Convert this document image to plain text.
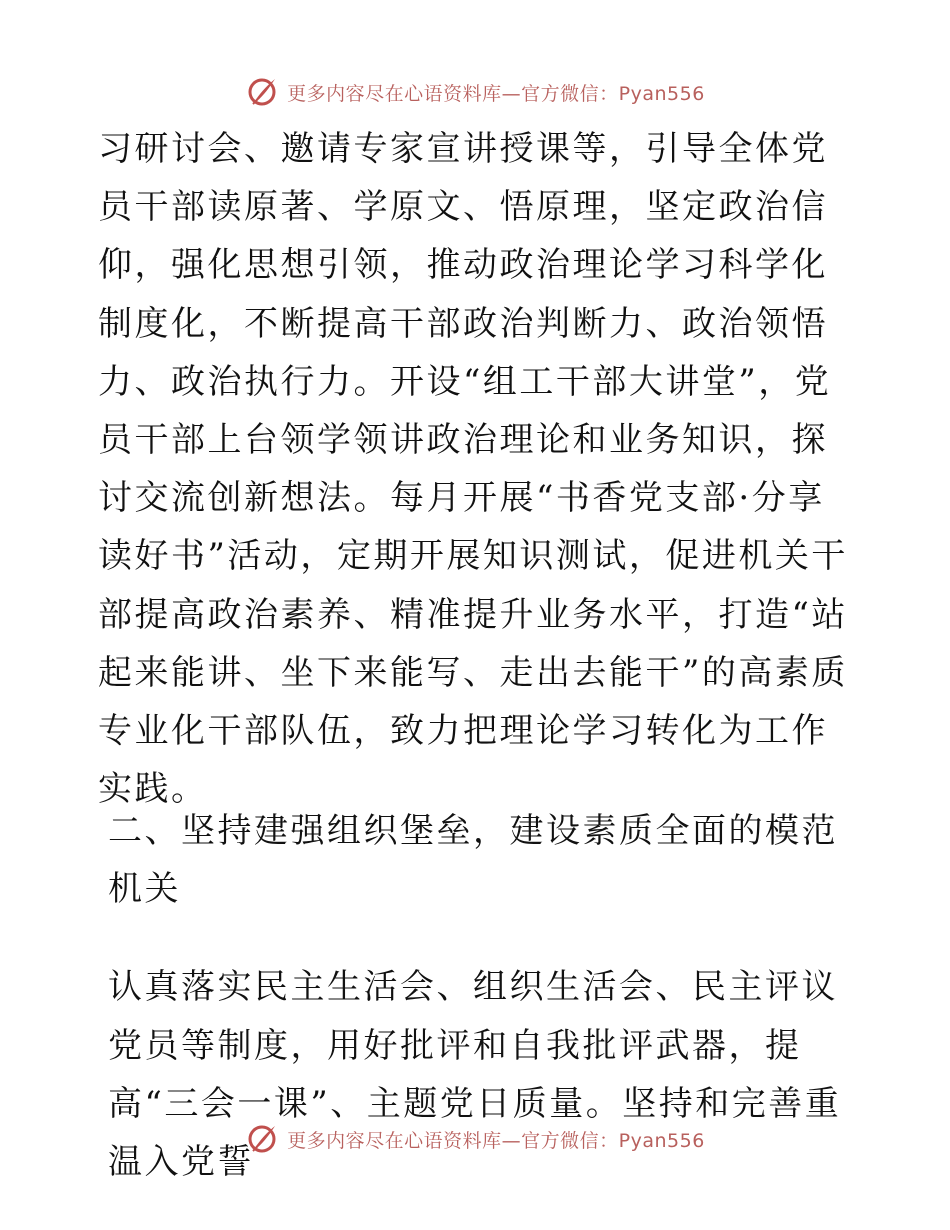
更多内容尽在心语资料库—官方微信：Pyan556

习研讨会、邀请专家宣讲授课等，引导全体党员干部读原著、学原文、悟原理，坚定政治信仰，强化思想引领，推动政治理论学习科学化制度化，不断提高干部政治判断力、政治领悟力、政治执行力。开设“组工干部大讲堂”，党员干部上台领学领讲政治理论和业务知识，探讨交流创新想法。每月开展“书香党支部·分享读好书”活动，定期开展知识测试，促进机关干部提高政治素养、精准提升业务水平，打造“站起来能讲、坐下来能写、走出去能干”的高素质专业化干部队伍，致力把理论学习转化为工作实践。

二、坚持建强组织堡垒，建设素质全面的模范机关

认真落实民主生活会、组织生活会、民主评议党员等制度，用好批评和自我批评武器，提高“三会一课”、主题党日质量。坚持和完善重温入党誓

更多内容尽在心语资料库—官方微信：Pyan556
